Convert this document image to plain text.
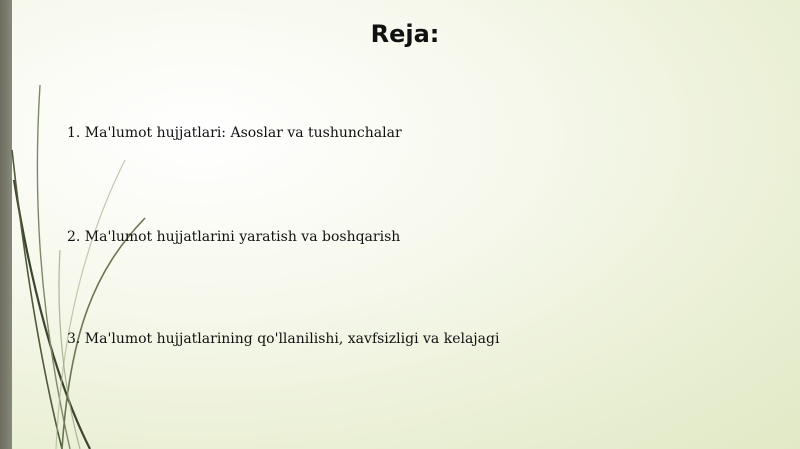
Reja:
1. Ma'lumot hujjatlari: Asoslar va tushunchalar
2. Ma'lumot hujjatlarini yaratish va boshqarish
3. Ma'lumot hujjatlarining qo'llanilishi, xavfsizligi va kelajagi
